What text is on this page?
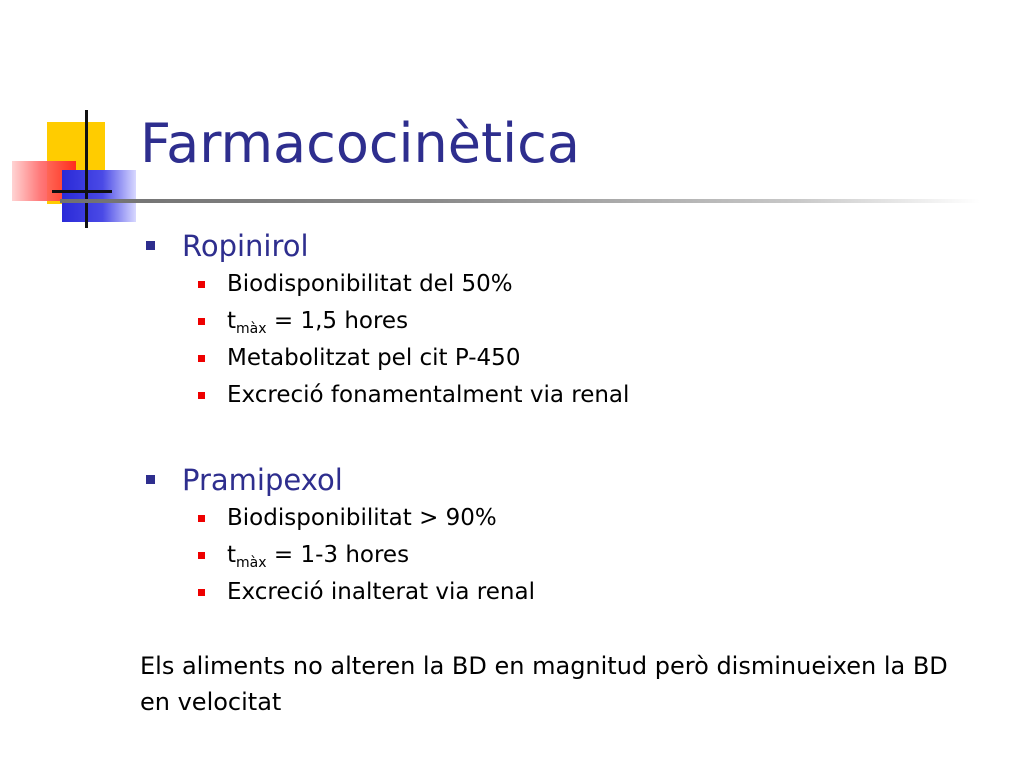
Farmacocinètica
Ropinirol
Biodisponibilitat del 50%
$t_{màx} = 1,5$ hores
Metabolitzat pel cit P-450
Excreció fonamentalment via renal
Pramipexol
Biodisponibilitat > 90%
$t_{màx} = 1-3$ hores
Excreció inalterat via renal

Els aliments no alteren la BD en magnitud però disminueixen la BD en velocitat
